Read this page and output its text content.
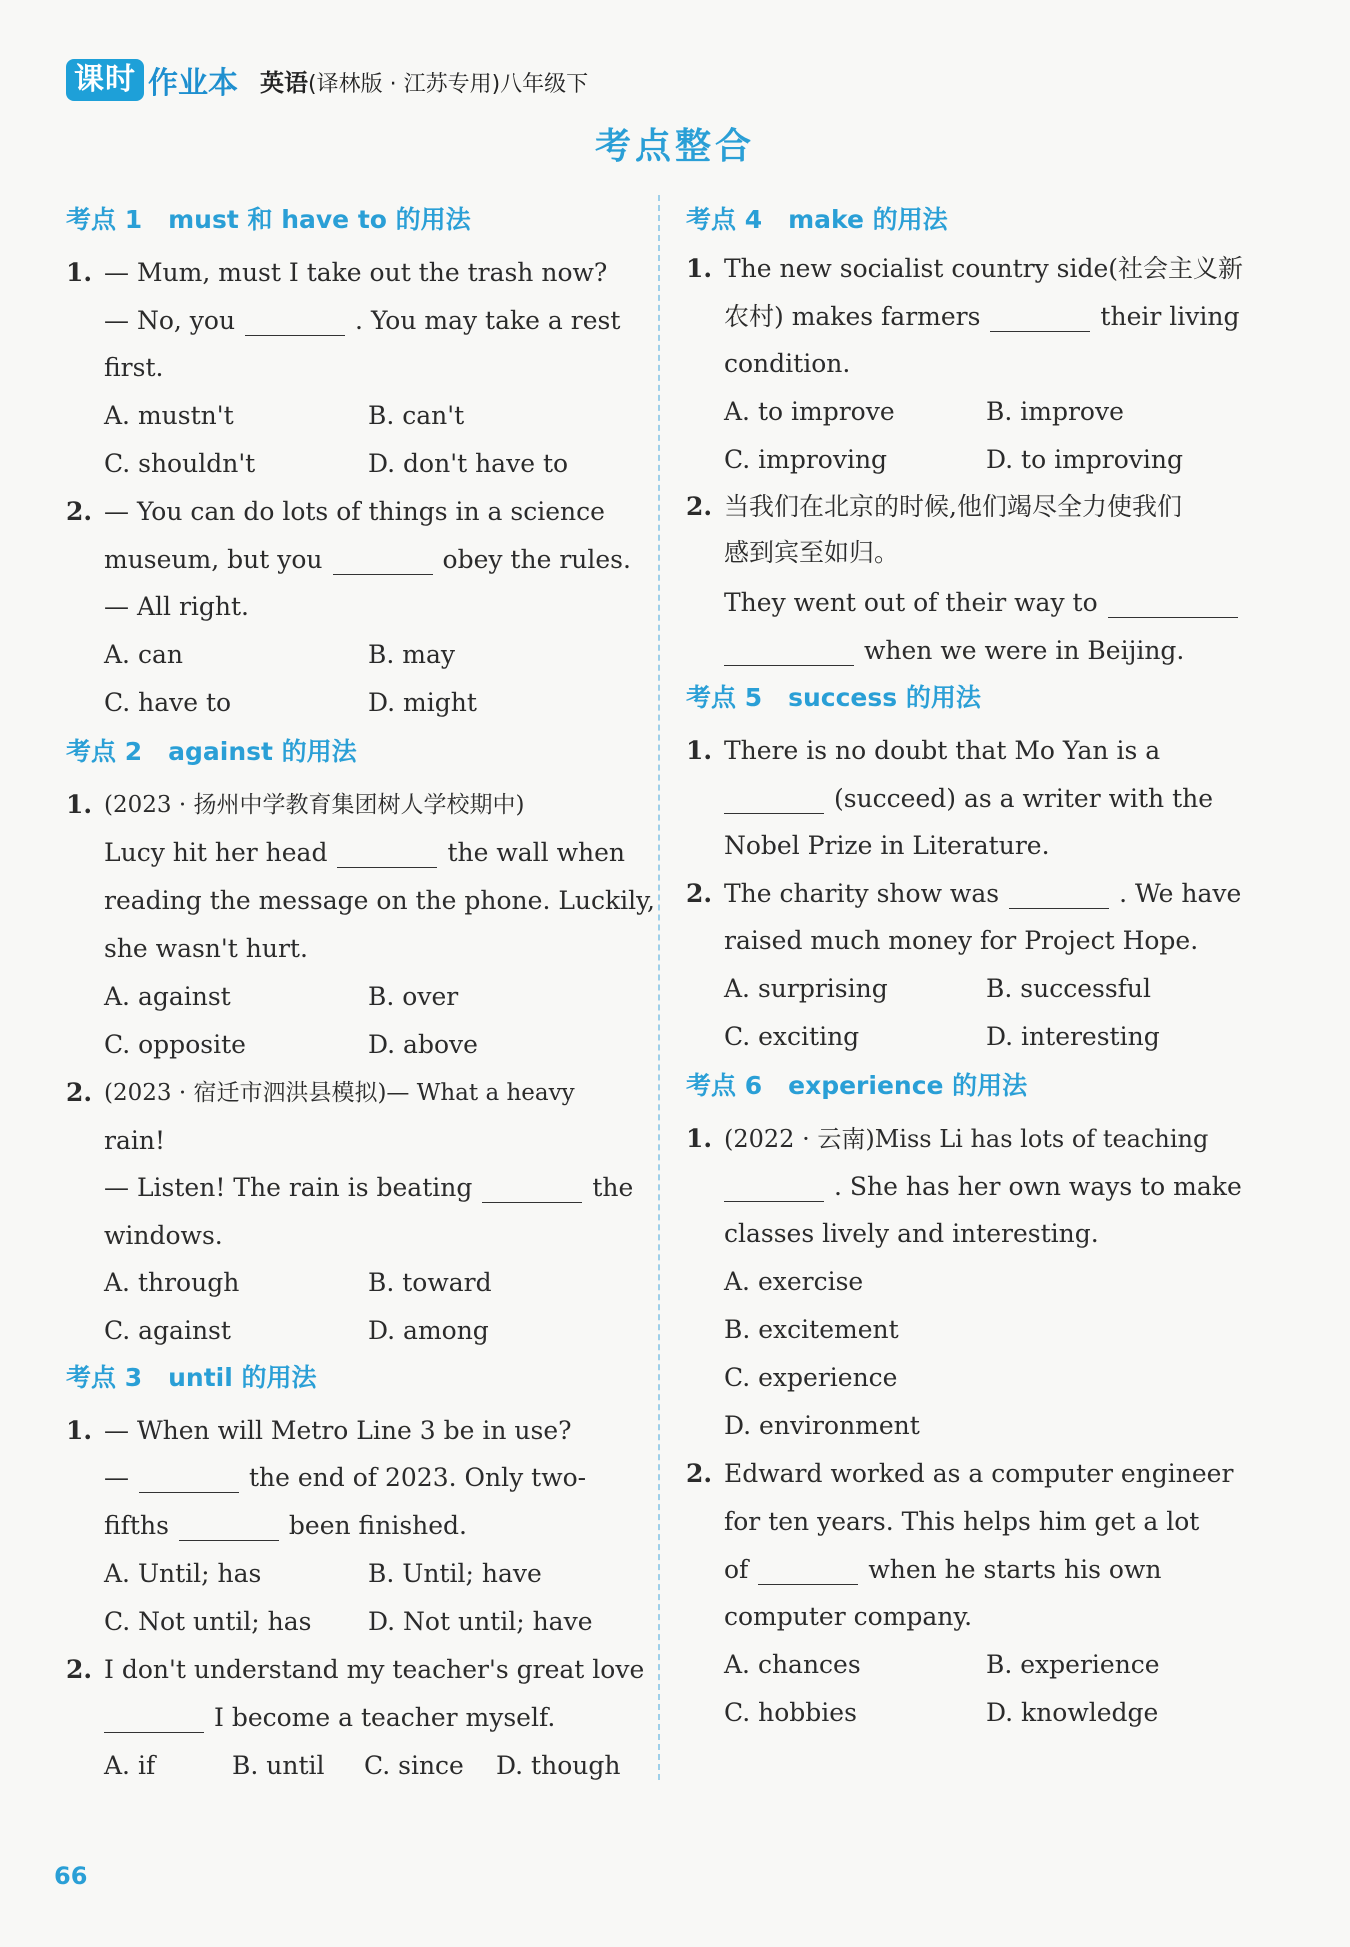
课时 作业本 英语(译林版 · 江苏专用)八年级下
考点整合
考点 1 must 和 have to 的用法
1. — Mum, must I take out the trash now?
— No, you	. You may take a rest
first.
A. mustn't	B. can't
C. shouldn't	D. don't have to
2. — You can do lots of things in a science
museum, but you	obey the rules.
— All right.
A. can	B. may
C. have to	D. might
考点 2 against 的用法
1. (2023 · 扬州中学教育集团树人学校期中)
Lucy hit her head	the wall when
reading the message on the phone. Luckily,
she wasn't hurt.
A. against	B. over
C. opposite	D. above
2. (2023 · 宿迁市泗洪县模拟)— What a heavy
rain!
— Listen! The rain is beating	the
windows.
A. through	B. toward
C. against	D. among
考点 3 until 的用法
1. — When will Metro Line 3 be in use?
—	the end of 2023. Only two-
fifths	been finished.
A. Until; has	B. Until; have
C. Not until; has D. Not until; have
2. I don't understand my teacher's great love
I become a teacher myself.
A. if	B. until C. since D. though
考点 4 make 的用法
1. The new socialist country side(社会主义新
农村) makes farmers	their living
condition.
A. to improve	B. improve
C. improving	D. to improving
2. 当我们在北京的时候,他们竭尽全力使我们
感到宾至如归。
They went out of their way to
when we were in Beijing.
考点 5 success 的用法
1. There is no doubt that Mo Yan is a
(succeed) as a writer with the
Nobel Prize in Literature.
2. The charity show was	. We have
raised much money for Project Hope.
A. surprising	B. successful
C. exciting	D. interesting
考点 6 experience 的用法
1. (2022 · 云南)Miss Li has lots of teaching
. She has her own ways to make
classes lively and interesting.
A. exercise
B. excitement
C. experience
D. environment
2. Edward worked as a computer engineer
for ten years. This helps him get a lot
of	when he starts his own
computer company.
A. chances	B. experience
C. hobbies	D. knowledge
66
